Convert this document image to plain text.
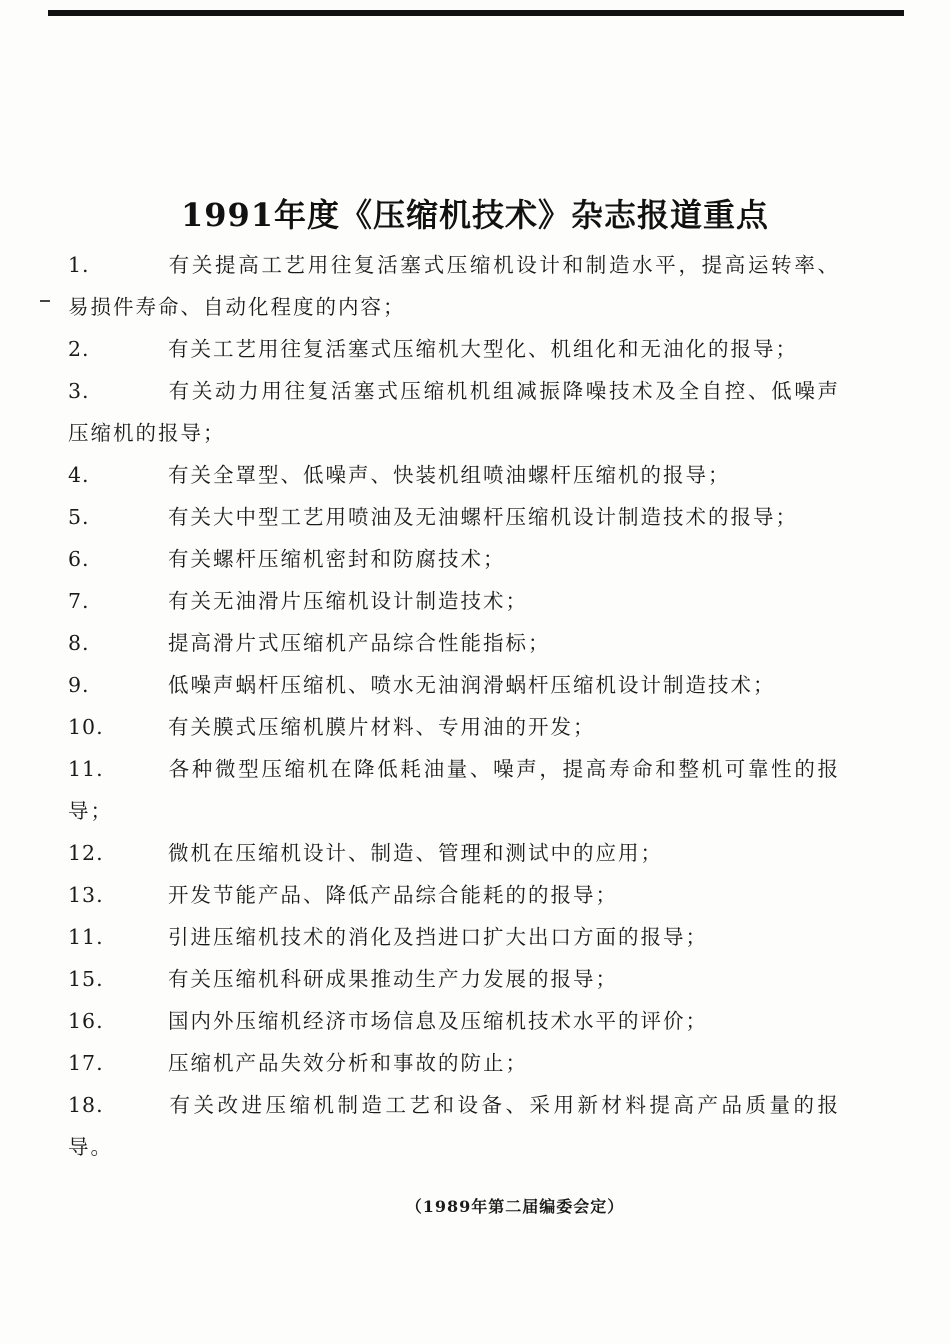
1991年度《压缩机技术》杂志报道重点

1.	有关提高工艺用往复活塞式压缩机设计和制造水平，提高运转率、易损件寿命、自动化程度的内容；

2.	有关工艺用往复活塞式压缩机大型化、机组化和无油化的报导；

3.	有关动力用往复活塞式压缩机机组减振降噪技术及全自控、低噪声压缩机的报导；

4.	有关全罩型、低噪声、快装机组喷油螺杆压缩机的报导；

5.	有关大中型工艺用喷油及无油螺杆压缩机设计制造技术的报导；

6.	有关螺杆压缩机密封和防腐技术；

7.	有关无油滑片压缩机设计制造技术；

8.	提高滑片式压缩机产品综合性能指标；

9.	低噪声蜗杆压缩机、喷水无油润滑蜗杆压缩机设计制造技术；

10.	有关膜式压缩机膜片材料、专用油的开发；

11.	各种微型压缩机在降低耗油量、噪声，提高寿命和整机可靠性的报导；

12.	微机在压缩机设计、制造、管理和测试中的应用；

13.	开发节能产品、降低产品综合能耗的的报导；

11.	引进压缩机技术的消化及挡进口扩大出口方面的报导；

15.	有关压缩机科研成果推动生产力发展的报导；

16.	国内外压缩机经济市场信息及压缩机技术水平的评价；

17.	压缩机产品失效分析和事故的防止；

18.	有关改进压缩机制造工艺和设备、采用新材料提高产品质量的报导。

（1989年第二届编委会定）
